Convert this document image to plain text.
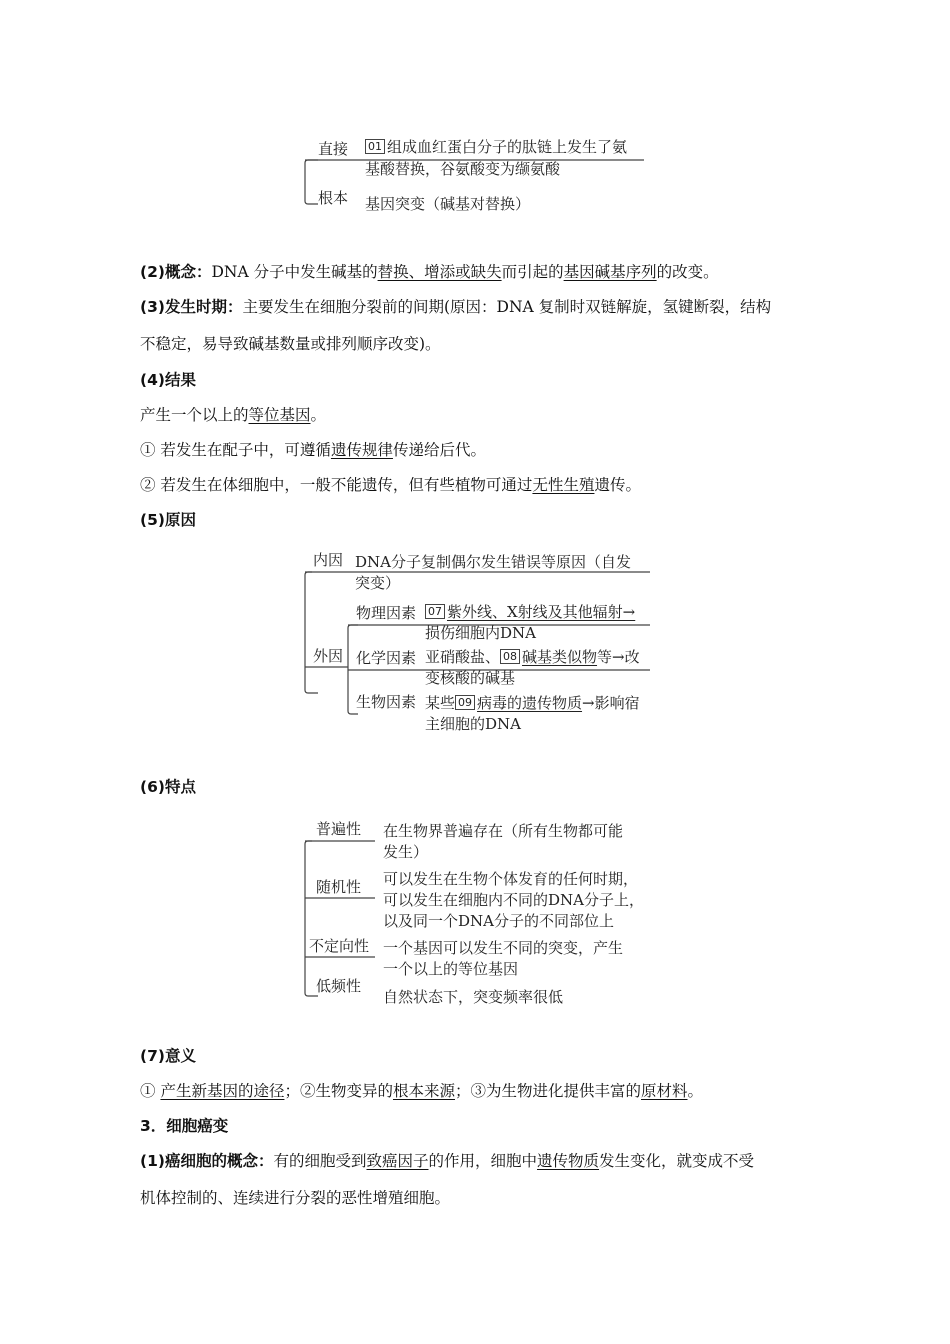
直接 01 组成血红蛋白分子的肽链上发生了氨
基酸替换，谷氨酸变为缬氨酸
根本 基因突变（碱基对替换）
(2)概念：DNA 分子中发生碱基的替换、增添或缺失而引起的基因碱基序列的改变。
(3)发生时期：主要发生在细胞分裂前的间期(原因：DNA 复制时双链解旋，氢键断裂，结构
不稳定，易导致碱基数量或排列顺序改变)。
(4)结果
产生一个以上的等位基因。
① 若发生在配子中，可遵循遗传规律传递给后代。
② 若发生在体细胞中，一般不能遗传，但有些植物可通过无性生殖遗传。
(5)原因
内因 DNA分子复制偶尔发生错误等原因（自发
突变）
外因
物理因素 07 紫外线、X射线及其他辐射→
损伤细胞内DNA
化学因素 亚硝酸盐、 08 碱基类似物等→改
变核酸的碱基
生物因素 某些 09 病毒的遗传物质→影响宿
主细胞的DNA
(6)特点
普遍性 在生物界普遍存在（所有生物都可能
发生）
随机性 可以发生在生物个体发育的任何时期，
可以发生在细胞内不同的DNA分子上，
以及同一个DNA分子的不同部位上
不定向性 一个基因可以发生不同的突变，产生
一个以上的等位基因
低频性
自然状态下，突变频率很低
(7)意义
① 产生新基因的途径；②生物变异的根本来源；③为生物进化提供丰富的原材料。
3．细胞癌变
(1)癌细胞的概念：有的细胞受到致癌因子的作用，细胞中遗传物质发生变化，就变成不受
机体控制的、连续进行分裂的恶性增殖细胞。
